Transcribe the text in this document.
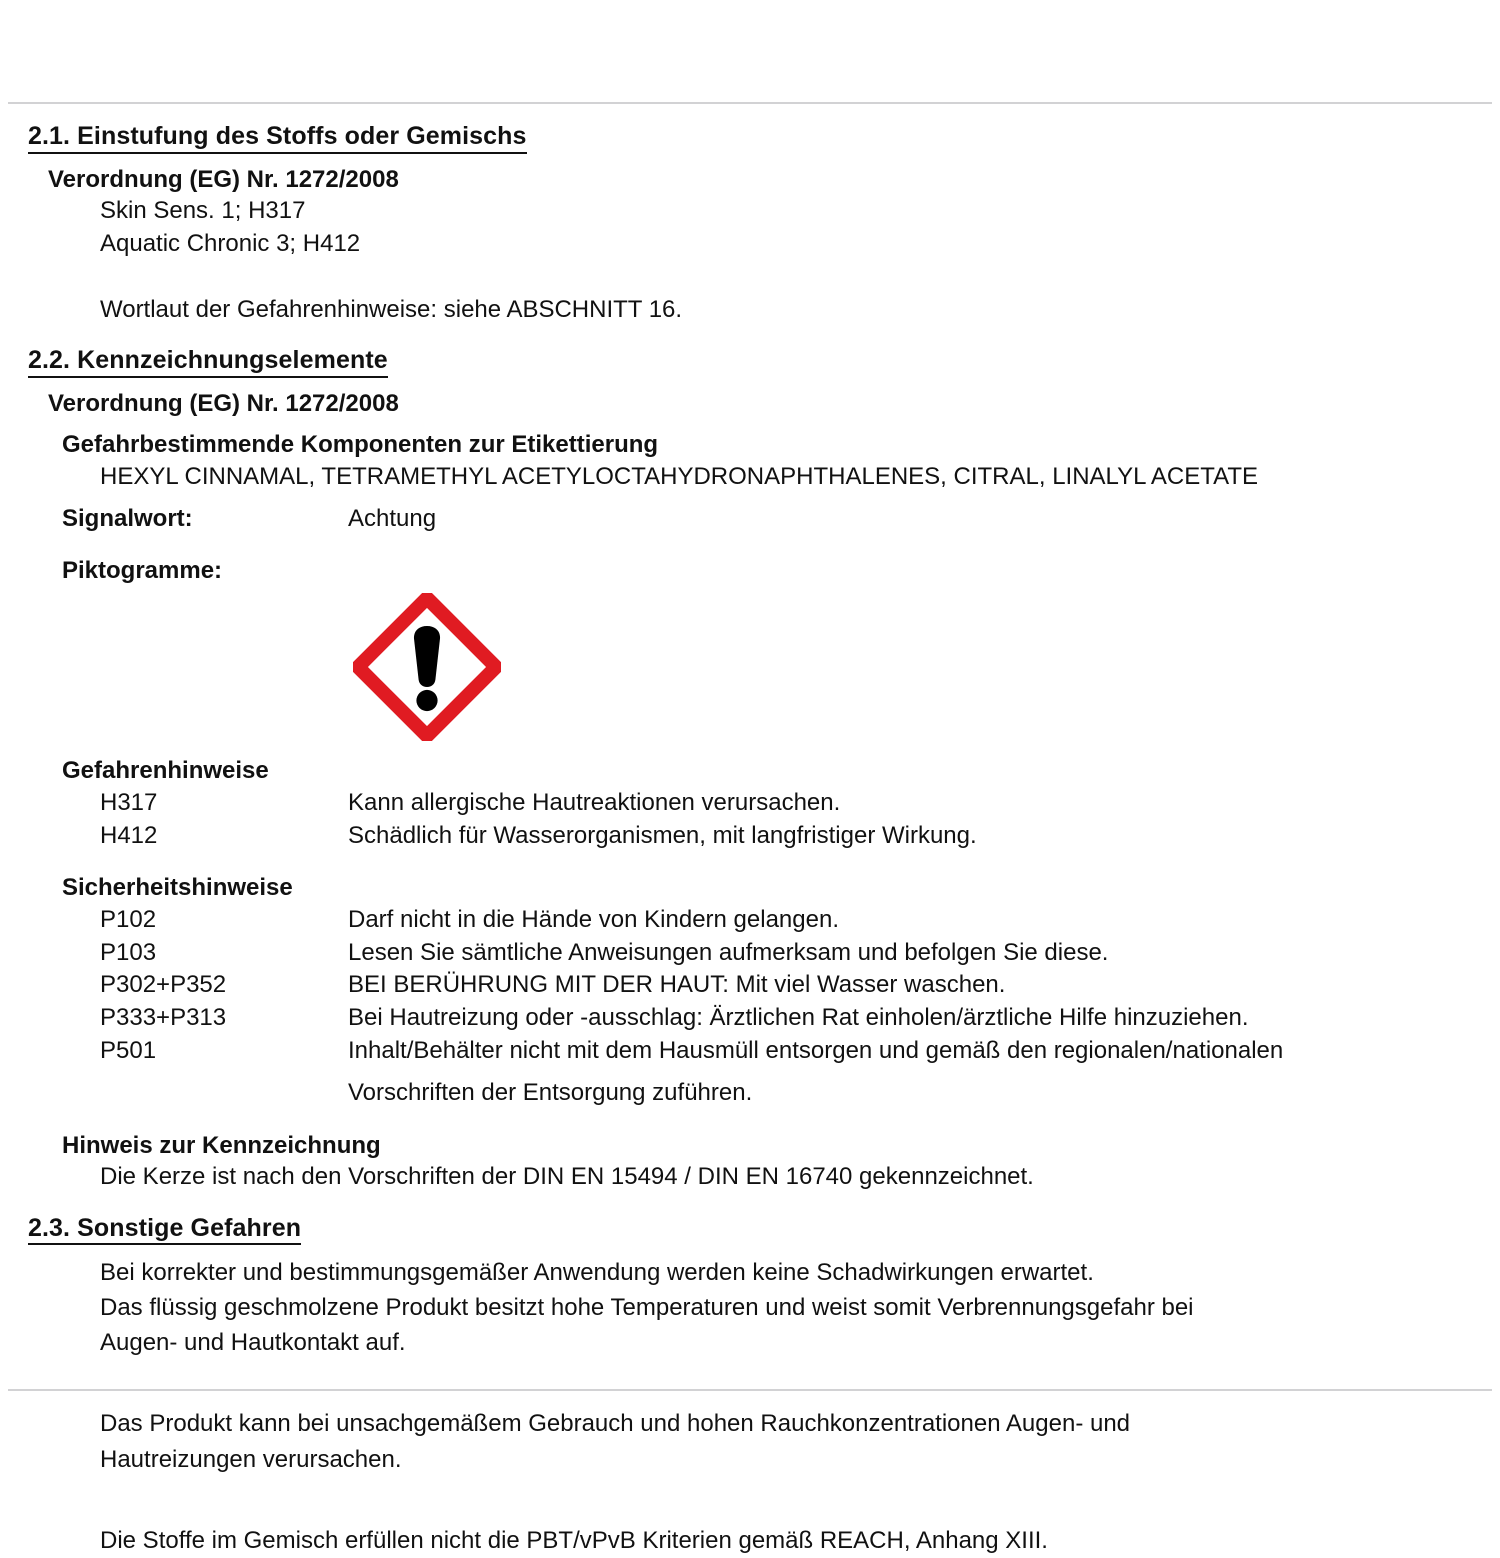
2.1. Einstufung des Stoffs oder Gemischs
Verordnung (EG) Nr. 1272/2008
Skin Sens. 1; H317
Aquatic Chronic 3; H412
Wortlaut der Gefahrenhinweise: siehe ABSCHNITT 16.
2.2. Kennzeichnungselemente
Verordnung (EG) Nr. 1272/2008
Gefahrbestimmende Komponenten zur Etikettierung
HEXYL CINNAMAL, TETRAMETHYL ACETYLOCTAHYDRONAPHTHALENES, CITRAL, LINALYL ACETATE
Signalwort:	Achtung
Piktogramme:
Gefahrenhinweise
H317	Kann allergische Hautreaktionen verursachen.
H412	Schädlich für Wasserorganismen, mit langfristiger Wirkung.
Sicherheitshinweise
P102	Darf nicht in die Hände von Kindern gelangen.
P103	Lesen Sie sämtliche Anweisungen aufmerksam und befolgen Sie diese.
P302+P352	BEI BERÜHRUNG MIT DER HAUT: Mit viel Wasser waschen.
P333+P313	Bei Hautreizung oder -ausschlag: Ärztlichen Rat einholen/ärztliche Hilfe hinzuziehen.
P501	Inhalt/Behälter nicht mit dem Hausmüll entsorgen und gemäß den regionalen/nationalen
Vorschriften der Entsorgung zuführen.
Hinweis zur Kennzeichnung
Die Kerze ist nach den Vorschriften der DIN EN 15494 / DIN EN 16740 gekennzeichnet.
2.3. Sonstige Gefahren
Bei korrekter und bestimmungsgemäßer Anwendung werden keine Schadwirkungen erwartet.
Das flüssig geschmolzene Produkt besitzt hohe Temperaturen und weist somit Verbrennungsgefahr bei
Augen- und Hautkontakt auf.
Das Produkt kann bei unsachgemäßem Gebrauch und hohen Rauchkonzentrationen Augen- und
Hautreizungen verursachen.
Die Stoffe im Gemisch erfüllen nicht die PBT/vPvB Kriterien gemäß REACH, Anhang XIII.
